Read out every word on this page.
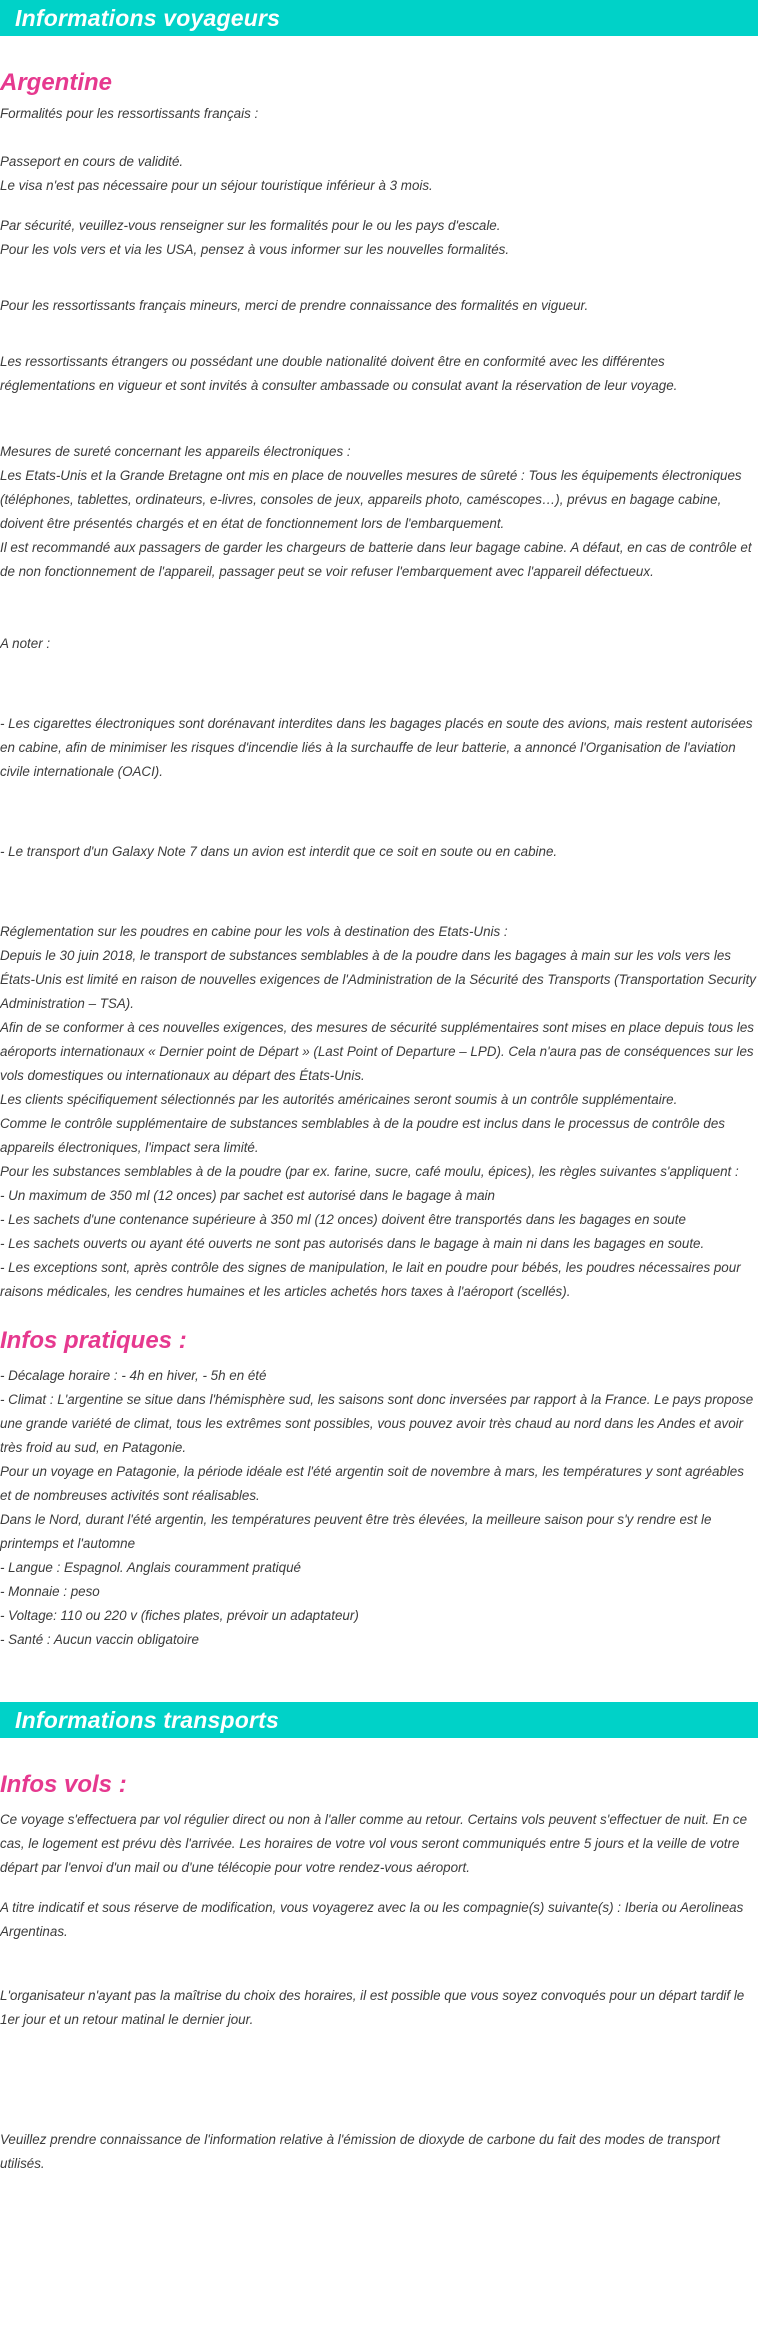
Informations voyageurs
Argentine

Formalités pour les ressortissants français :

Passeport en cours de validité.
Le visa n'est pas nécessaire pour un séjour touristique inférieur à 3 mois.

Par sécurité, veuillez-vous renseigner sur les formalités pour le ou les pays d'escale.
Pour les vols vers et via les USA, pensez à vous informer sur les nouvelles formalités.

Pour les ressortissants français mineurs, merci de prendre connaissance des formalités en vigueur.

Les ressortissants étrangers ou possédant une double nationalité doivent être en conformité avec les différentes réglementations en vigueur et sont invités à consulter ambassade ou consulat avant la réservation de leur voyage.

Mesures de sureté concernant les appareils électroniques :
Les Etats-Unis et la Grande Bretagne ont mis en place de nouvelles mesures de sûreté : Tous les équipements électroniques (téléphones, tablettes, ordinateurs, e-livres, consoles de jeux, appareils photo, caméscopes…), prévus en bagage cabine, doivent être présentés chargés et en état de fonctionnement lors de l'embarquement.
Il est recommandé aux passagers de garder les chargeurs de batterie dans leur bagage cabine. A défaut, en cas de contrôle et de non fonctionnement de l'appareil, passager peut se voir refuser l'embarquement avec l'appareil défectueux.

A noter :

- Les cigarettes électroniques sont dorénavant interdites dans les bagages placés en soute des avions, mais restent autorisées en cabine, afin de minimiser les risques d'incendie liés à la surchauffe de leur batterie, a annoncé l'Organisation de l'aviation civile internationale (OACI).

- Le transport d'un Galaxy Note 7 dans un avion est interdit que ce soit en soute ou en cabine.

Réglementation sur les poudres en cabine pour les vols à destination des Etats-Unis :
Depuis le 30 juin 2018, le transport de substances semblables à de la poudre dans les bagages à main sur les vols vers les États-Unis est limité en raison de nouvelles exigences de l'Administration de la Sécurité des Transports (Transportation Security Administration – TSA).
Afin de se conformer à ces nouvelles exigences, des mesures de sécurité supplémentaires sont mises en place depuis tous les aéroports internationaux « Dernier point de Départ » (Last Point of Departure – LPD). Cela n'aura pas de conséquences sur les vols domestiques ou internationaux au départ des États-Unis.
Les clients spécifiquement sélectionnés par les autorités américaines seront soumis à un contrôle supplémentaire.
Comme le contrôle supplémentaire de substances semblables à de la poudre est inclus dans le processus de contrôle des appareils électroniques, l'impact sera limité.
Pour les substances semblables à de la poudre (par ex. farine, sucre, café moulu, épices), les règles suivantes s'appliquent :
- Un maximum de 350 ml (12 onces) par sachet est autorisé dans le bagage à main
- Les sachets d'une contenance supérieure à 350 ml (12 onces) doivent être transportés dans les bagages en soute
- Les sachets ouverts ou ayant été ouverts ne sont pas autorisés dans le bagage à main ni dans les bagages en soute.
- Les exceptions sont, après contrôle des signes de manipulation, le lait en poudre pour bébés, les poudres nécessaires pour raisons médicales, les cendres humaines et les articles achetés hors taxes à l'aéroport (scellés).

Infos pratiques :

- Décalage horaire : - 4h en hiver, - 5h en été
- Climat : L'argentine se situe dans l'hémisphère sud, les saisons sont donc inversées par rapport à la France. Le pays propose une grande variété de climat, tous les extrêmes sont possibles, vous pouvez avoir très chaud au nord dans les Andes et avoir très froid au sud, en Patagonie.
Pour un voyage en Patagonie, la période idéale est l'été argentin soit de novembre à mars, les températures y sont agréables et de nombreuses activités sont réalisables.
Dans le Nord, durant l'été argentin, les températures peuvent être très élevées, la meilleure saison pour s'y rendre est le printemps et l'automne
- Langue : Espagnol. Anglais couramment pratiqué
- Monnaie : peso
- Voltage: 110 ou 220 v (fiches plates, prévoir un adaptateur)
- Santé : Aucun vaccin obligatoire

Informations transports
Infos vols :

Ce voyage s'effectuera par vol régulier direct ou non à l'aller comme au retour. Certains vols peuvent s'effectuer de nuit. En ce cas, le logement est prévu dès l'arrivée. Les horaires de votre vol vous seront communiqués entre 5 jours et la veille de votre départ par l'envoi d'un mail ou d'une télécopie pour votre rendez-vous aéroport.

A titre indicatif et sous réserve de modification, vous voyagerez avec la ou les compagnie(s) suivante(s) : Iberia ou Aerolineas Argentinas.

L'organisateur n'ayant pas la maîtrise du choix des horaires, il est possible que vous soyez convoqués pour un départ tardif le 1er jour et un retour matinal le dernier jour.

Veuillez prendre connaissance de l'information relative à l'émission de dioxyde de carbone du fait des modes de transport utilisés.
